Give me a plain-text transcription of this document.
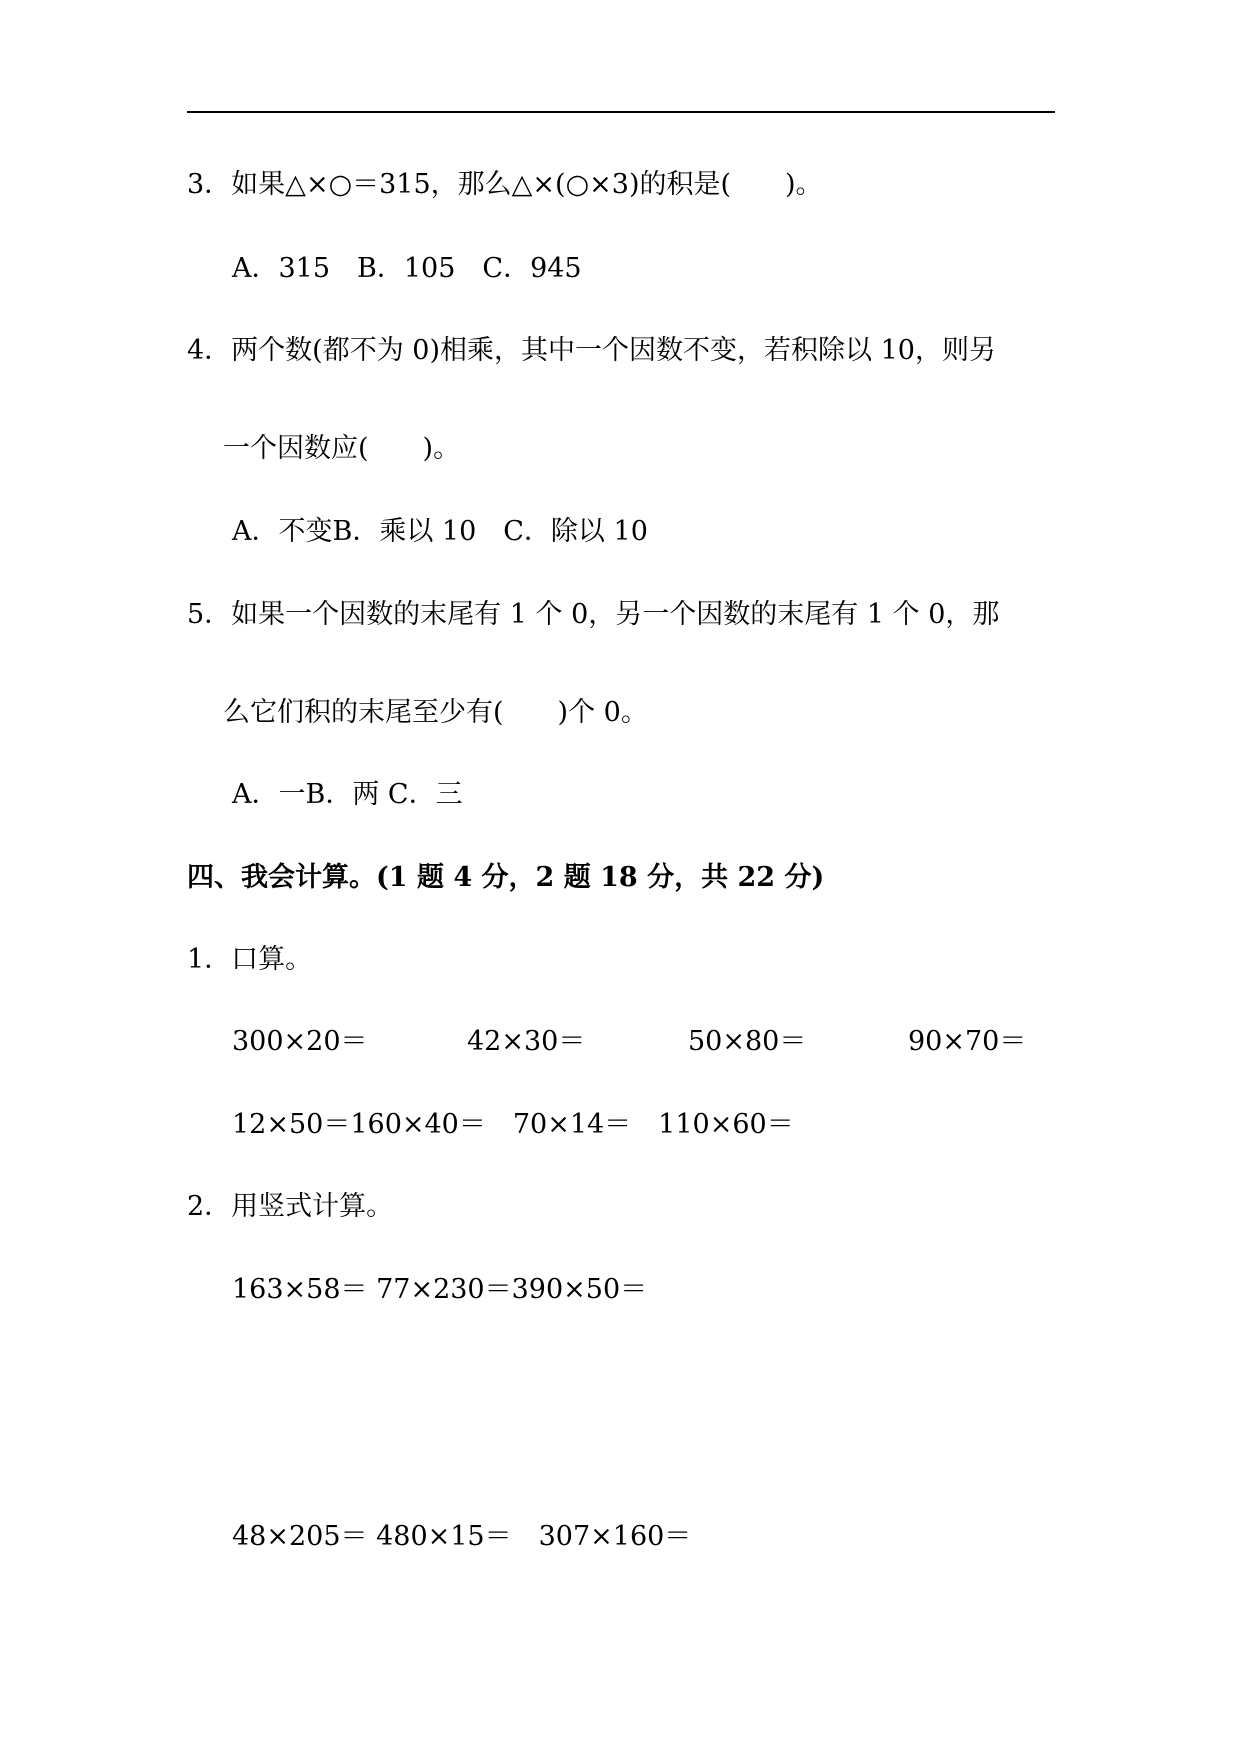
3．如果△×○＝315，那么△×(○×3)的积是(　　)。
A．315　B．105　C．945
4．两个数(都不为 0)相乘，其中一个因数不变，若积除以 10，则另
一个因数应(　　)。
A．不变B．乘以 10　C．除以 10
5．如果一个因数的末尾有 1 个 0，另一个因数的末尾有 1 个 0，那
么它们积的末尾至少有(　　)个 0。
A．一B．两 C．三
四、我会计算。(1 题 4 分，2 题 18 分，共 22 分)
1．口算。
300×20＝	42×30＝	50×80＝	90×70＝
12×50＝160×40＝　70×14＝　110×60＝
2．用竖式计算。
163×58＝ 77×230＝390×50＝
48×205＝ 480×15＝　307×160＝
